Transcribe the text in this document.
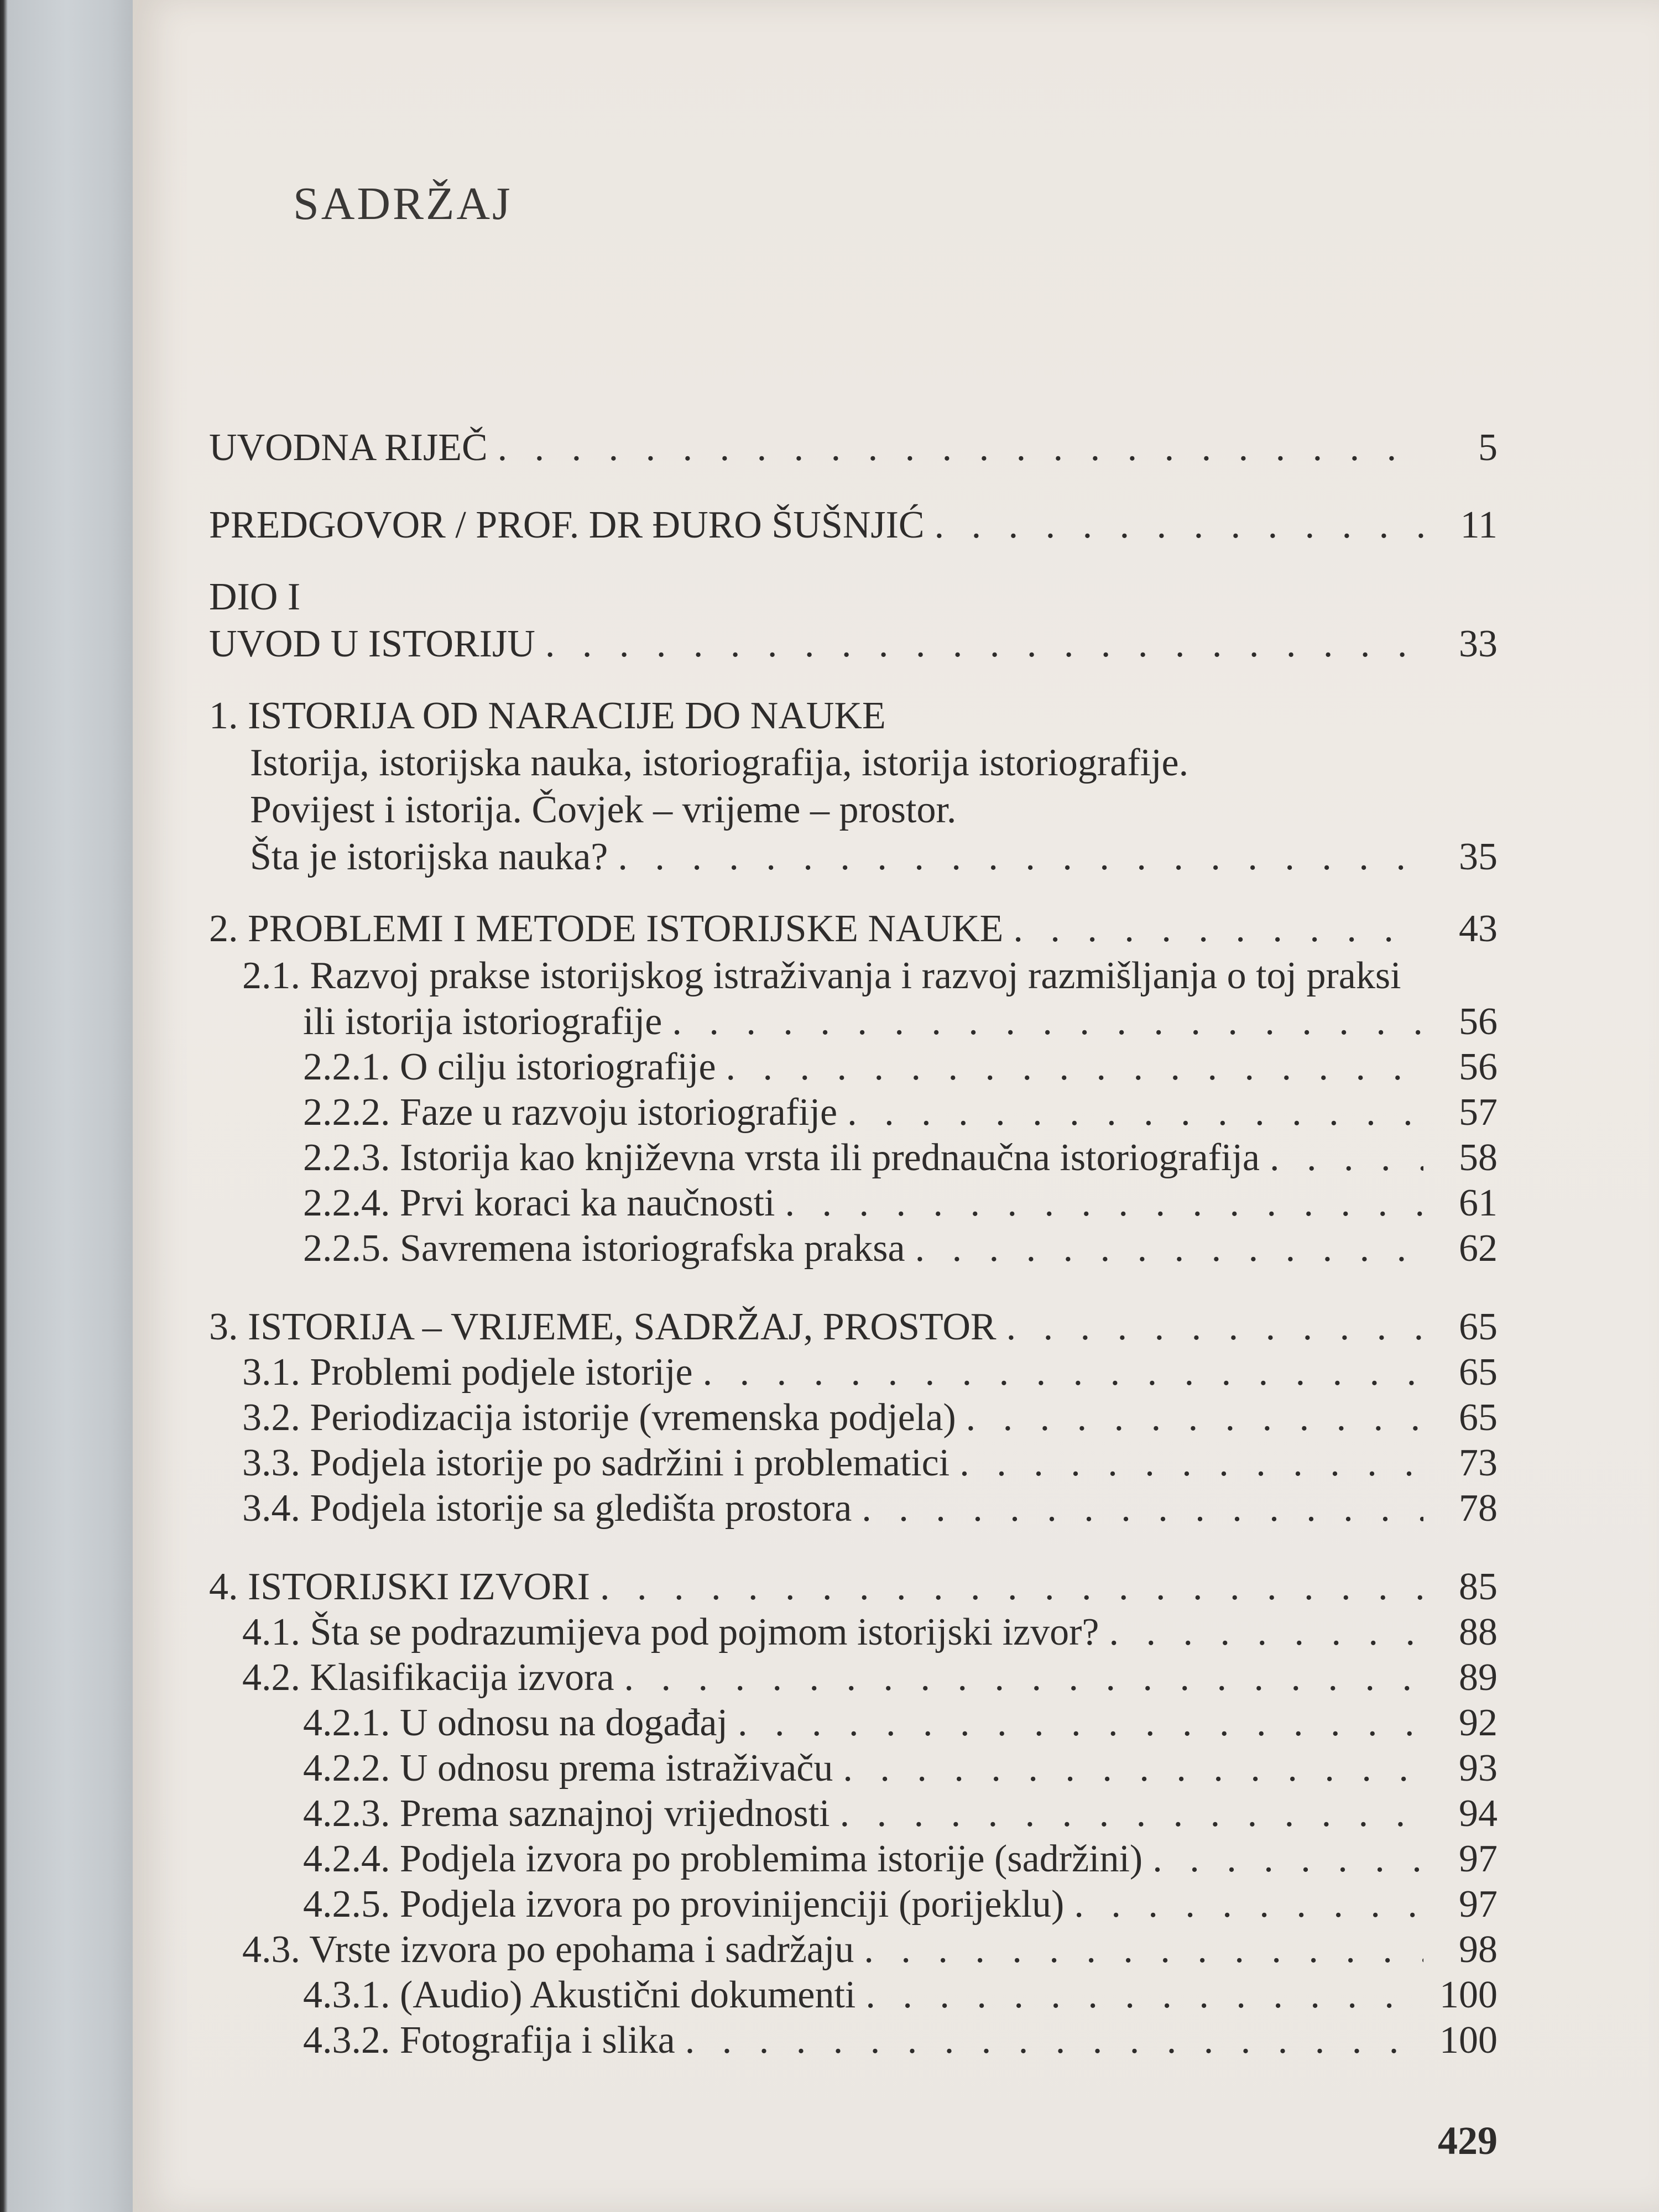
SADRŽAJ
UVODNA RIJEČ . . .	5
PREDGOVOR / PROF. DR ĐURO ŠUŠNJIĆ . . .	11
DIO I
UVOD U ISTORIJU . . .	33
1. ISTORIJA OD NARACIJE DO NAUKE
Istorija, istorijska nauka, istoriografija, istorija istoriografije.
Povijest i istorija. Čovjek – vrijeme – prostor.
Šta je istorijska nauka? . . .	35
2. PROBLEMI I METODE ISTORIJSKE NAUKE . . .	43
2.1. Razvoj prakse istorijskog istraživanja i razvoj razmišljanja o toj praksi
ili istorija istoriografije . . .	56
2.2.1. O cilju istoriografije . . .	56
2.2.2. Faze u razvoju istoriografije . . .	57
2.2.3. Istorija kao književna vrsta ili prednaučna istoriografija . . .	58
2.2.4. Prvi koraci ka naučnosti . . .	61
2.2.5. Savremena istoriografska praksa . . .	62
3. ISTORIJA – VRIJEME, SADRŽAJ, PROSTOR . . .	65
3.1. Problemi podjele istorije . . .	65
3.2. Periodizacija istorije (vremenska podjela) . . .	65
3.3. Podjela istorije po sadržini i problematici . . .	73
3.4. Podjela istorije sa gledišta prostora . . .	78
4. ISTORIJSKI IZVORI . . .	85
4.1. Šta se podrazumijeva pod pojmom istorijski izvor? . . .	88
4.2. Klasifikacija izvora . . .	89
4.2.1. U odnosu na događaj . . .	92
4.2.2. U odnosu prema istraživaču . . .	93
4.2.3. Prema saznajnoj vrijednosti . . .	94
4.2.4. Podjela izvora po problemima istorije (sadržini) . . .	97
4.2.5. Podjela izvora po provinijenciji (porijeklu) . . .	97
4.3. Vrste izvora po epohama i sadržaju . . .	98
4.3.1. (Audio) Akustični dokumenti . . .	100
4.3.2. Fotografija i slika . . .	100
429
